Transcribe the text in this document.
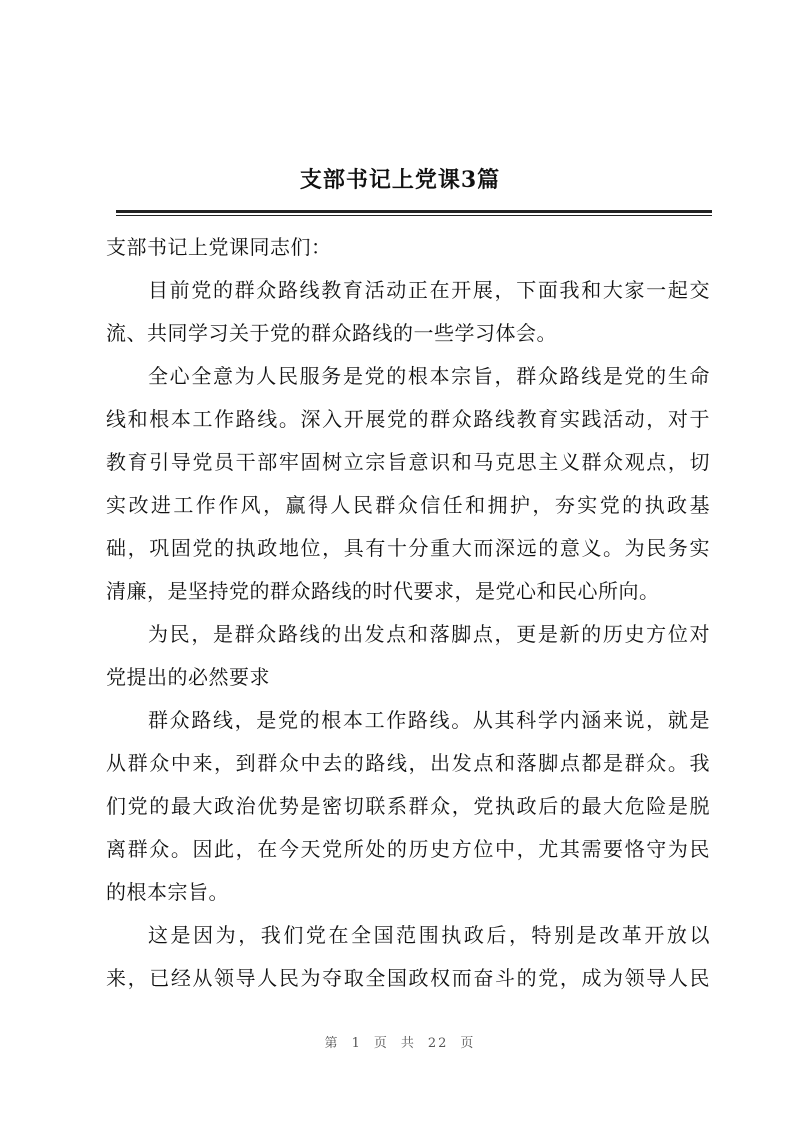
支部书记上党课3篇
支部书记上党课同志们：
目前党的群众路线教育活动正在开展，下面我和大家一起交
流、共同学习关于党的群众路线的一些学习体会。
全心全意为人民服务是党的根本宗旨，群众路线是党的生命
线和根本工作路线。深入开展党的群众路线教育实践活动，对于
教育引导党员干部牢固树立宗旨意识和马克思主义群众观点，切
实改进工作作风，赢得人民群众信任和拥护，夯实党的执政基
础，巩固党的执政地位，具有十分重大而深远的意义。为民务实
清廉，是坚持党的群众路线的时代要求，是党心和民心所向。
为民，是群众路线的出发点和落脚点，更是新的历史方位对
党提出的必然要求
群众路线，是党的根本工作路线。从其科学内涵来说，就是
从群众中来，到群众中去的路线，出发点和落脚点都是群众。我
们党的最大政治优势是密切联系群众，党执政后的最大危险是脱
离群众。因此，在今天党所处的历史方位中，尤其需要恪守为民
的根本宗旨。
这是因为，我们党在全国范围执政后，特别是改革开放以
来，已经从领导人民为夺取全国政权而奋斗的党，成为领导人民
第 1 页 共 22 页
